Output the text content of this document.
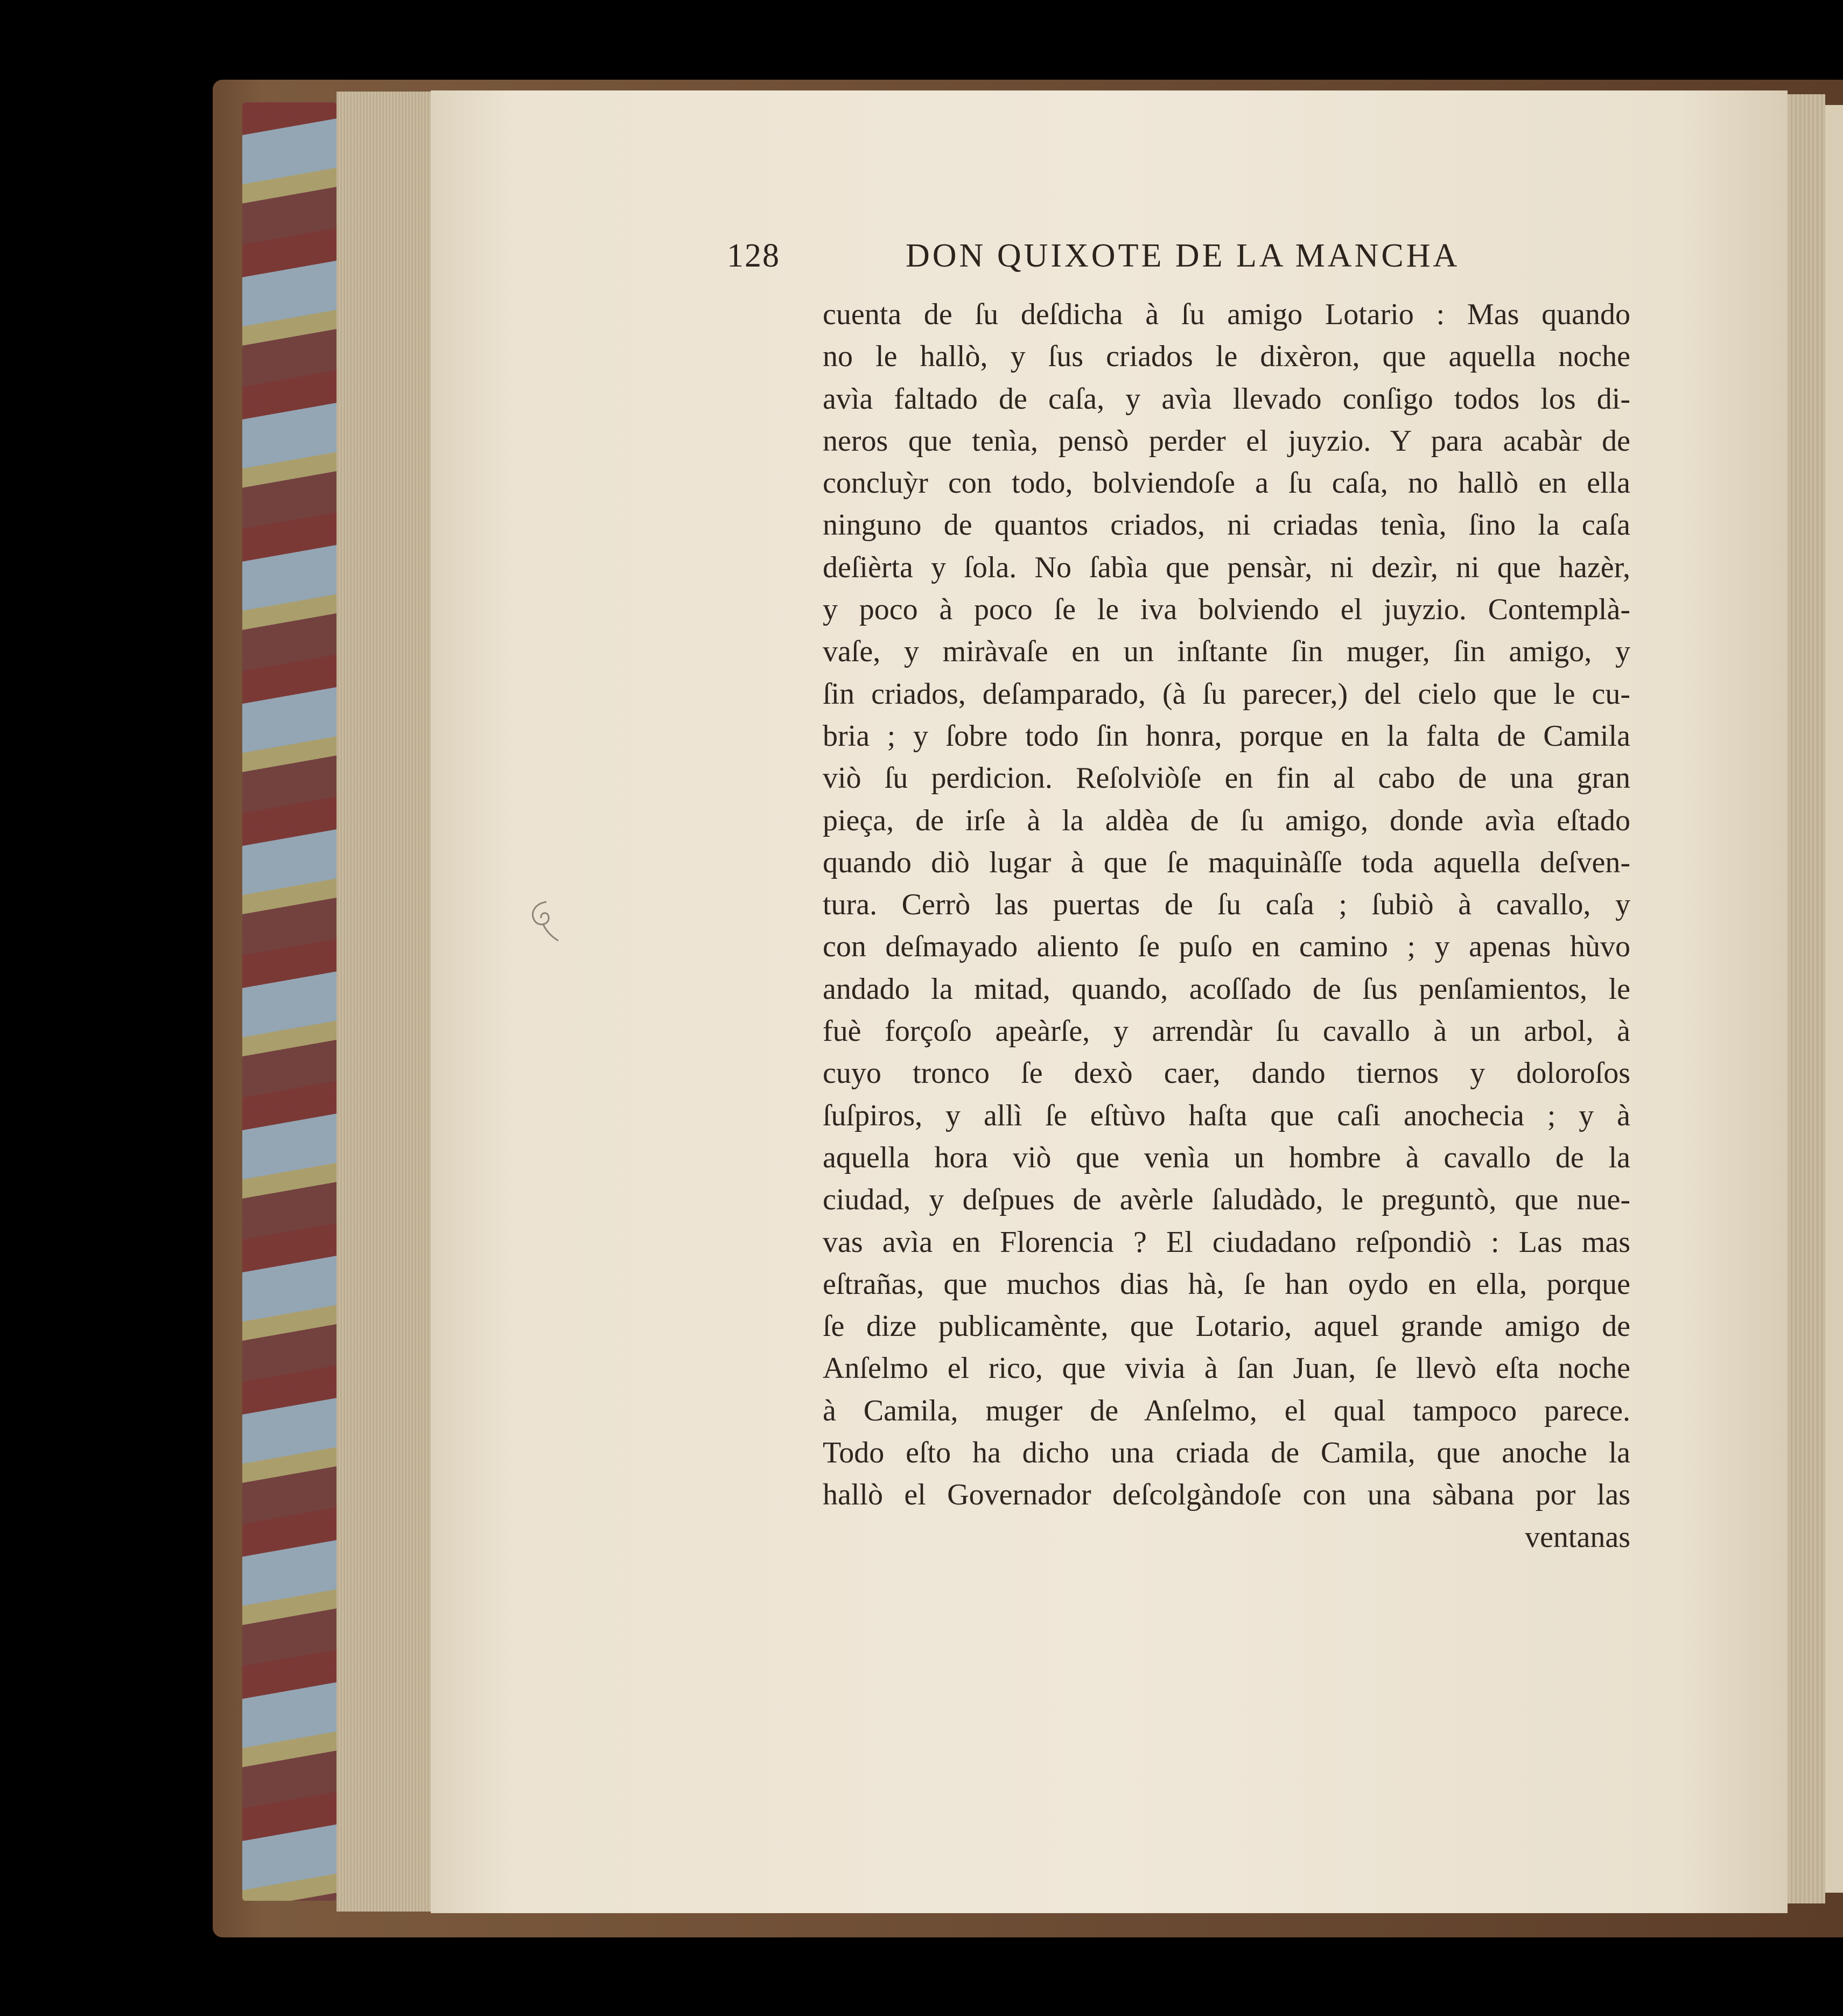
128	DON QUIXOTE DE LA MANCHA
cuenta de ſu deſdicha à ſu amigo Lotario : Mas quando
no le hallò, y ſus criados le dixèron, que aquella noche
avìa faltado de caſa, y avìa llevado conſigo todos los di-
neros que tenìa, pensò perder el juyzio. Y para acabàr de
concluỳr con todo, bolviendoſe a ſu caſa, no hallò en ella
ninguno de quantos criados, ni criadas tenìa, ſino la caſa
deſièrta y ſola. No ſabìa que pensàr, ni dezìr, ni que hazèr,
y poco à poco ſe le iva bolviendo el juyzio. Contemplà-
vaſe, y miràvaſe en un inſtante ſin muger, ſin amigo, y
ſin criados, deſamparado, (à ſu parecer,) del cielo que le cu-
bria ; y ſobre todo ſin honra, porque en la falta de Camila
viò ſu perdicion. Reſolviòſe en fin al cabo de una gran
pieça, de irſe à la aldèa de ſu amigo, donde avìa eſtado
quando diò lugar à que ſe maquinàſſe toda aquella deſven-
tura. Cerrò las puertas de ſu caſa ; ſubiò à cavallo, y
con deſmayado aliento ſe puſo en camino ; y apenas hùvo
andado la mitad, quando, acoſſado de ſus penſamientos, le
fuè forçoſo apeàrſe, y arrendàr ſu cavallo à un arbol, à
cuyo tronco ſe dexò caer, dando tiernos y doloroſos
ſuſpiros, y allì ſe eſtùvo haſta que caſi anochecia ; y à
aquella hora viò que venìa un hombre à cavallo de la
ciudad, y deſpues de avèrle ſaludàdo, le preguntò, que nue-
vas avìa en Florencia ? El ciudadano reſpondiò : Las mas
eſtrañas, que muchos dias hà, ſe han oydo en ella, porque
ſe dize publicamènte, que Lotario, aquel grande amigo de
Anſelmo el rico, que vivia à ſan Juan, ſe llevò eſta noche
à Camila, muger de Anſelmo, el qual tampoco parece.
Todo eſto ha dicho una criada de Camila, que anoche la
hallò el Governador deſcolgàndoſe con una sàbana por las
ventanas
